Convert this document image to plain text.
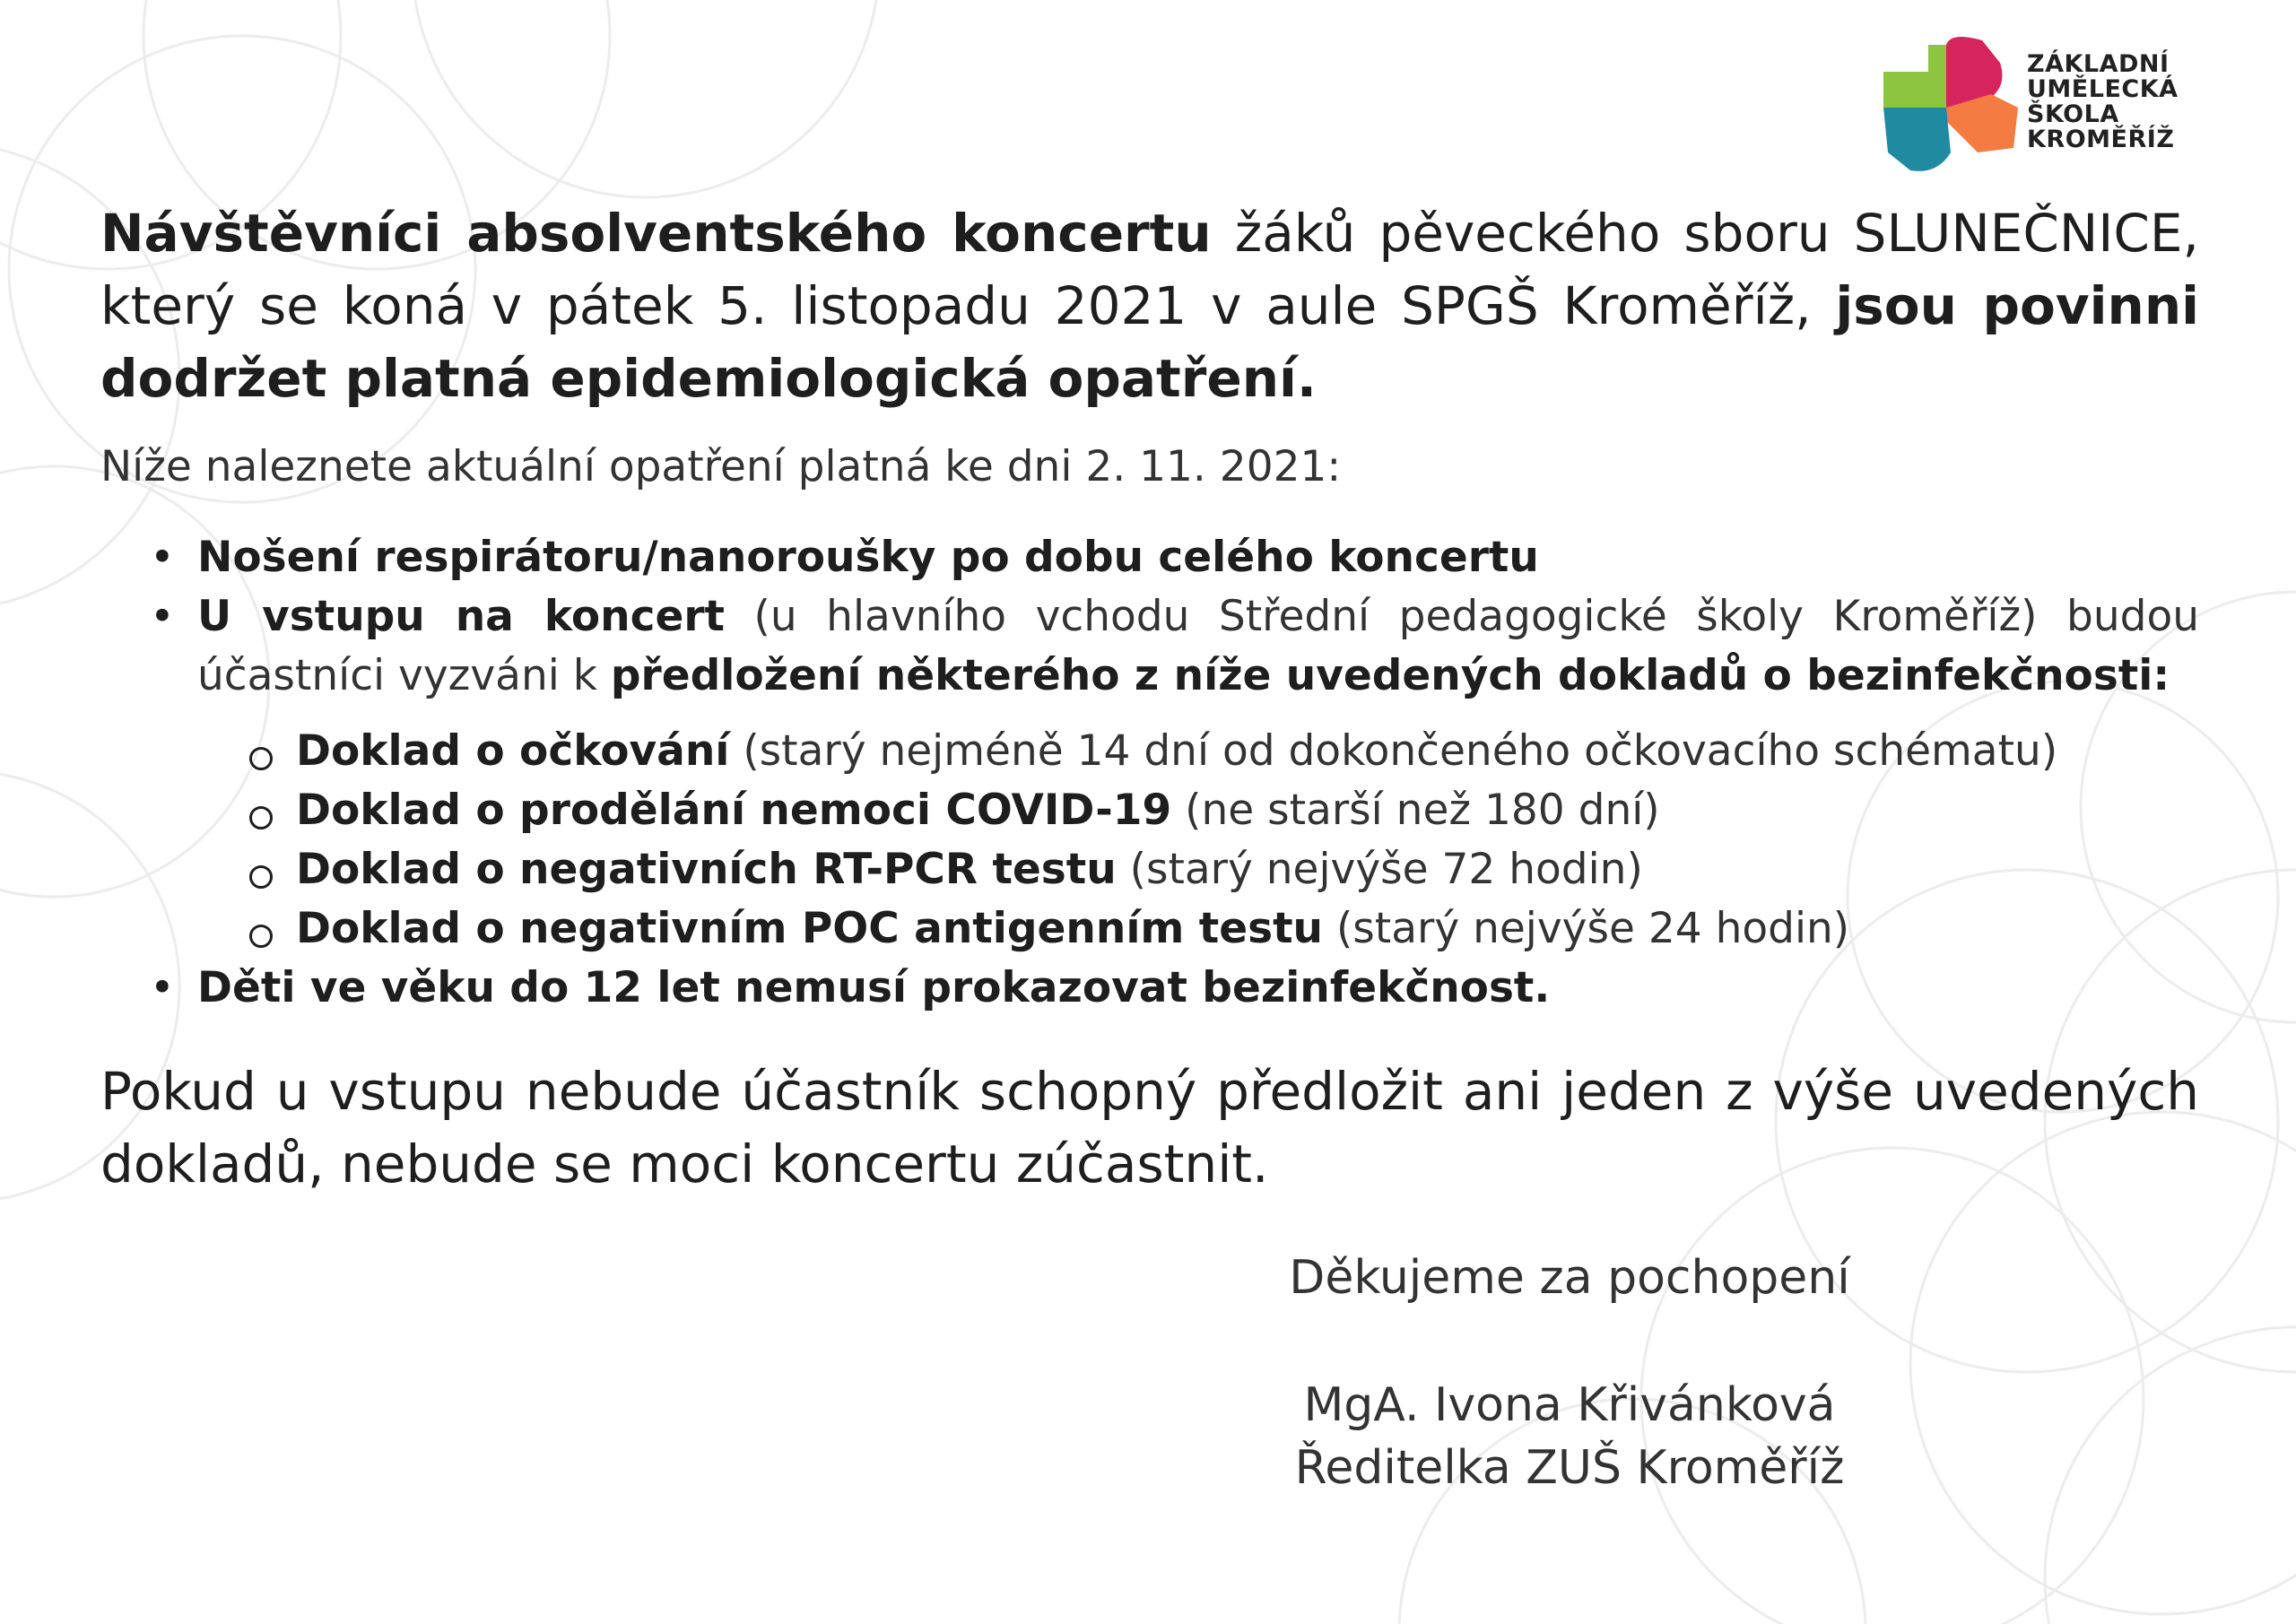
ZÁKLADNÍ
UMĚLECKÁ
ŠKOLA
KROMĚŘÍŽ

Návštěvníci absolventského koncertu žáků pěveckého sboru SLUNEČNICE, který se koná v pátek 5. listopadu 2021 v aule SPGŠ Kroměříž, jsou povinni dodržet platná epidemiologická opatření.

Níže naleznete aktuální opatření platná ke dni 2. 11. 2021:

• Nošení respirátoru/nanoroušky po dobu celého koncertu
• U vstupu na koncert (u hlavního vchodu Střední pedagogické školy Kroměříž) budou účastníci vyzváni k předložení některého z níže uvedených dokladů o bezinfekčnosti:
Doklad o očkování (starý nejméně 14 dní od dokončeného očkovacího schématu)
Doklad o prodělání nemoci COVID-19 (ne starší než 180 dní)
Doklad o negativních RT-PCR testu (starý nejvýše 72 hodin)
Doklad o negativním POC antigenním testu (starý nejvýše 24 hodin)
• Děti ve věku do 12 let nemusí prokazovat bezinfekčnost.

Pokud u vstupu nebude účastník schopný předložit ani jeden z výše uvedených dokladů, nebude se moci koncertu zúčastnit.

Děkujeme za pochopení

MgA. Ivona Křivánková

Ředitelka ZUŠ Kroměříž
